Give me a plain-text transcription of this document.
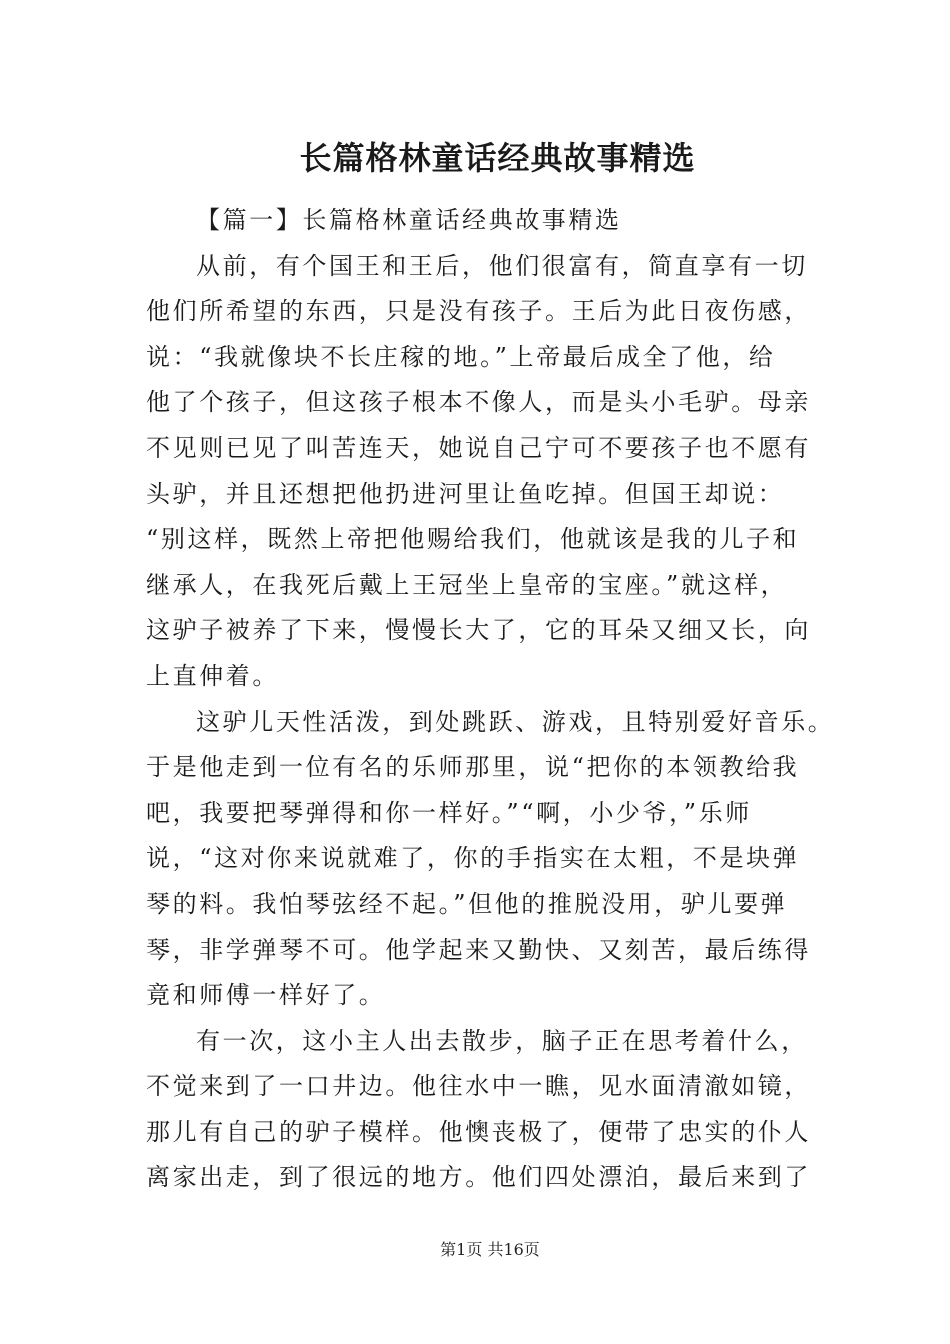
长篇格林童话经典故事精选
【篇一】长篇格林童话经典故事精选
从前，有个国王和王后，他们很富有，简直享有一切
他们所希望的东西，只是没有孩子。王后为此日夜伤感，
说：“我就像块不长庄稼的地。”上帝最后成全了他，给
他了个孩子，但这孩子根本不像人，而是头小毛驴。母亲
不见则已见了叫苦连天，她说自己宁可不要孩子也不愿有
头驴，并且还想把他扔进河里让鱼吃掉。但国王却说：
“别这样，既然上帝把他赐给我们，他就该是我的儿子和
继承人，在我死后戴上王冠坐上皇帝的宝座。”就这样，
这驴子被养了下来，慢慢长大了，它的耳朵又细又长，向
上直伸着。
这驴儿天性活泼，到处跳跃、游戏，且特别爱好音乐。
于是他走到一位有名的乐师那里，说“把你的本领教给我
吧，我要把琴弹得和你一样好。”“啊，小少爷，”乐师
说，“这对你来说就难了，你的手指实在太粗，不是块弹
琴的料。我怕琴弦经不起。”但他的推脱没用，驴儿要弹
琴，非学弹琴不可。他学起来又勤快、又刻苦，最后练得
竟和师傅一样好了。
有一次，这小主人出去散步，脑子正在思考着什么，
不觉来到了一口井边。他往水中一瞧，见水面清澈如镜，
那儿有自己的驴子模样。他懊丧极了，便带了忠实的仆人
离家出走，到了很远的地方。他们四处漂泊，最后来到了
第1页 共16页
